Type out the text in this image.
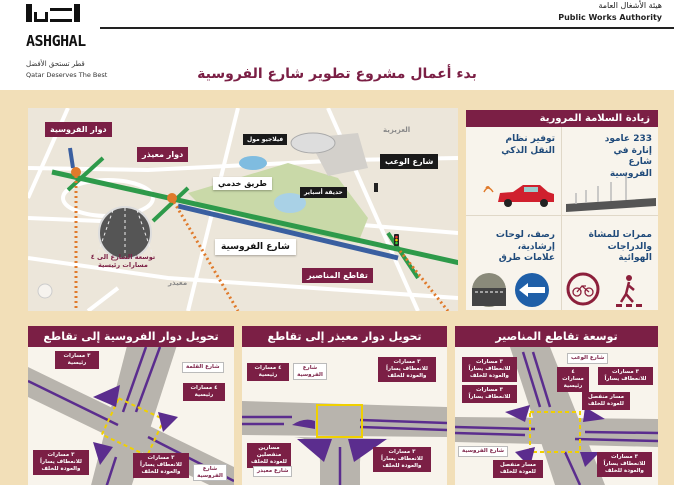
ASHGHAL
قطر تستحق الأفضل
Qatar Deserves The Best
هيئة الأشغال العامة
Public Works Authority
بدء أعمال مشروع تطوير شارع الفروسية
دوار الفروسية
دوار معيذر
فيلاجيو مول
العزيزية
شارع الوعب
طريق خدمي
حديقة أسباير
شارع الفروسية
تقاطع المناصير
توسعة الشارع الى ٤ مسارات رئيسية
معيذر
زيادة السلامة المرورية
233 عامود إنارة في شارع الفروسية
توفير نظام النقل الذكي
ممرات للمشاة والدراجات الهوائية
رصف، لوحات إرشادية، علامات طرق
تحويل دوار الفروسية إلى تقاطع
٣ مسارات رئيسية
شارع القلمة
٤ مسارات رئيسية
٣ مسارات للانعطاف يساراً والعودة للخلف
٣ مسارات للانعطاف يساراً والعودة للخلف	شارع الفروسية
تحويل دوار معيذر إلى تقاطع
٤ مسارات رئيسية
شارع الفروسية
٣ مسارات للانعطاف يساراً والعودة للخلف
مسارين منفصلين للعودة للخلف
شارع معيذر
٣ مسارات للانعطاف يساراً والعودة للخلف
توسعة تقاطع المناصير
شارع الوعب
٣ مسارات للانعطاف يساراً والعودة للخلف
٤ مسارات رئيسية
٣ مسارات للانعطاف يساراً
٣ مسارات للانعطاف يساراً	مسار منفصل للعودة للخلف
شارع الفروسية
مسار منفصل للعودة للخلف
٣ مسارات للانعطاف يساراً والعودة للخلف
